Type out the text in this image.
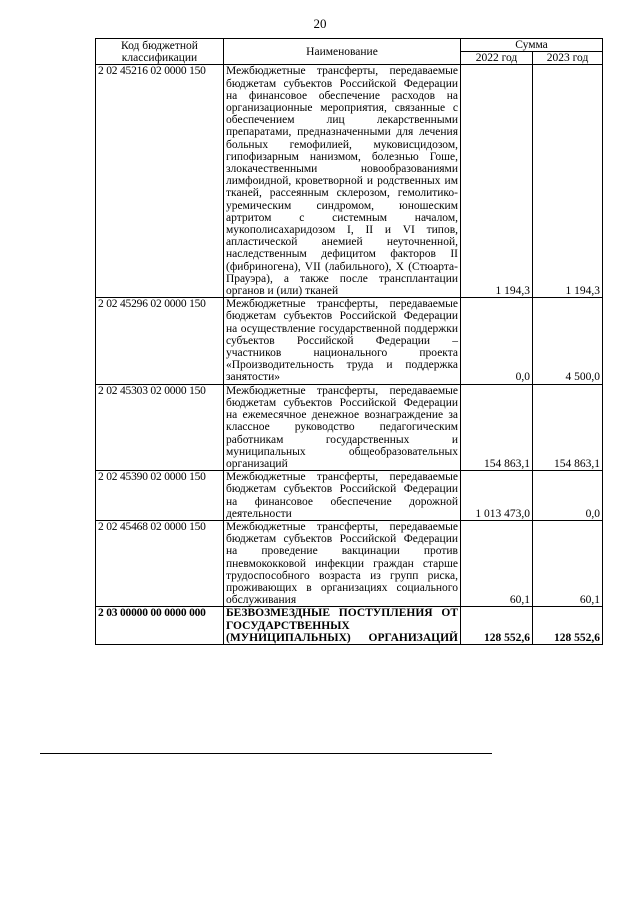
20
Код бюджетной классификации	Наименование	Сумма	
		2022 год	2023 год
2 02 45216 02 0000 150	Межбюджетные трансферты, передаваемые бюджетам субъектов Российской Федерации на финансовое обеспечение расходов на организационные мероприятия, связанные с обеспечением лиц лекарственными препаратами, предназначенными для лечения больных гемофилией, муковисцидозом, гипофизарным нанизмом, болезнью Гоше, злокачественными новообразованиями лимфоидной, кроветворной и родственных им тканей, рассеянным склерозом, гемолитико-уремическим синдромом, юношеским артритом с системным началом, мукополисахаридозом I, II и VI типов, апластической анемией неуточненной, наследственным дефицитом факторов II (фибриногена), VII (лабильного), X (Стюарта-Прауэра), а также после трансплантации органов и (или) тканей	1 194,3	1 194,3
2 02 45296 02 0000 150	Межбюджетные трансферты, передаваемые бюджетам субъектов Российской Федерации на осуществление государственной поддержки субъектов Российской Федерации – участников национального проекта «Производительность труда и поддержка занятости»	0,0	4 500,0
2 02 45303 02 0000 150	Межбюджетные трансферты, передаваемые бюджетам субъектов Российской Федерации на ежемесячное денежное вознаграждение за классное руководство педагогическим работникам государственных и муниципальных общеобразовательных организаций	154 863,1	154 863,1
2 02 45390 02 0000 150	Межбюджетные трансферты, передаваемые бюджетам субъектов Российской Федерации на финансовое обеспечение дорожной деятельности	1 013 473,0	0,0
2 02 45468 02 0000 150	Межбюджетные трансферты, передаваемые бюджетам субъектов Российской Федерации на проведение вакцинации против пневмококковой инфекции граждан старше трудоспособного возраста из групп риска, проживающих в организациях социального обслуживания	60,1	60,1
2 03 00000 00 0000 000	БЕЗВОЗМЕЗДНЫЕ ПОСТУПЛЕНИЯ ОТ ГОСУДАРСТВЕННЫХ (МУНИЦИПАЛЬНЫХ) ОРГАНИЗАЦИЙ	128 552,6	128 552,6
